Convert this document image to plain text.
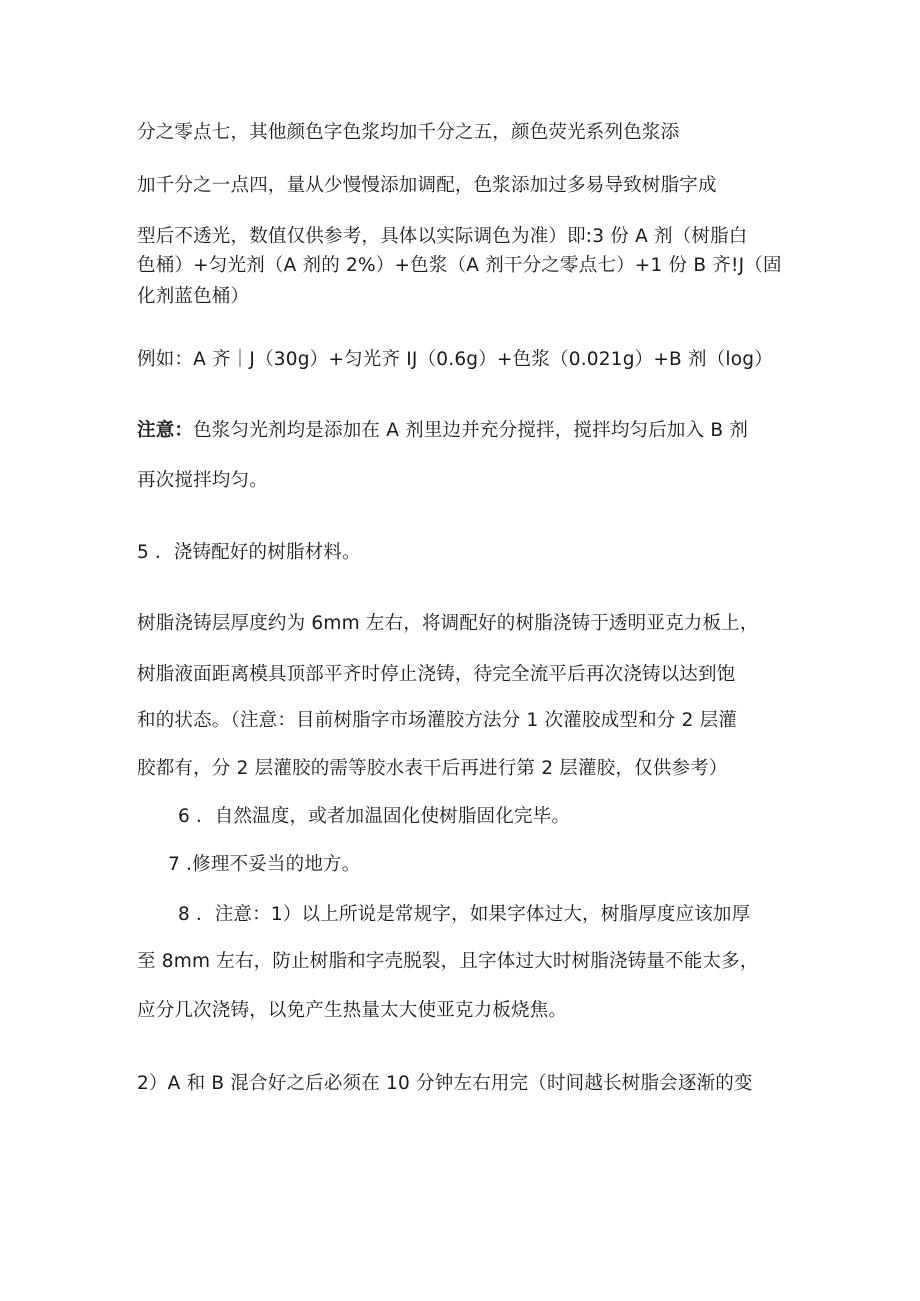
分之零点七，其他颜色字色浆均加千分之五，颜色荧光系列色浆添
加千分之一点四，量从少慢慢添加调配，色浆添加过多易导致树脂字成
型后不透光，数值仅供参考，具体以实际调色为准）即:3 份 A 剂（树脂白
色桶）+匀光剂（A 剂的 2%）+色浆（A 剂干分之零点七）+1 份 B 齐!J（固
化剂蓝色桶）
例如：A 齐｜J（30g）+匀光齐 IJ（0.6g）+色浆（0.021g）+B 剂（log）
注意：色浆匀光剂均是添加在 A 剂里边并充分搅拌，搅拌均匀后加入 B 剂
再次搅拌均匀。
5 ．浇铸配好的树脂材料。
树脂浇铸层厚度约为 6mm 左右，将调配好的树脂浇铸于透明亚克力板上，
树脂液面距离模具顶部平齐时停止浇铸，待完全流平后再次浇铸以达到饱
和的状态。（注意：目前树脂字市场灌胶方法分 1 次灌胶成型和分 2 层灌
胶都有，分 2 层灌胶的需等胶水表干后再进行第 2 层灌胶，仅供参考）
6 ．自然温度，或者加温固化使树脂固化完毕。
7 .修理不妥当的地方。
8 ．注意：1）以上所说是常规字，如果字体过大，树脂厚度应该加厚
至 8mm 左右，防止树脂和字壳脱裂，且字体过大时树脂浇铸量不能太多，
应分几次浇铸，以免产生热量太大使亚克力板烧焦。
2）A 和 B 混合好之后必须在 10 分钟左右用完（时间越长树脂会逐渐的变
